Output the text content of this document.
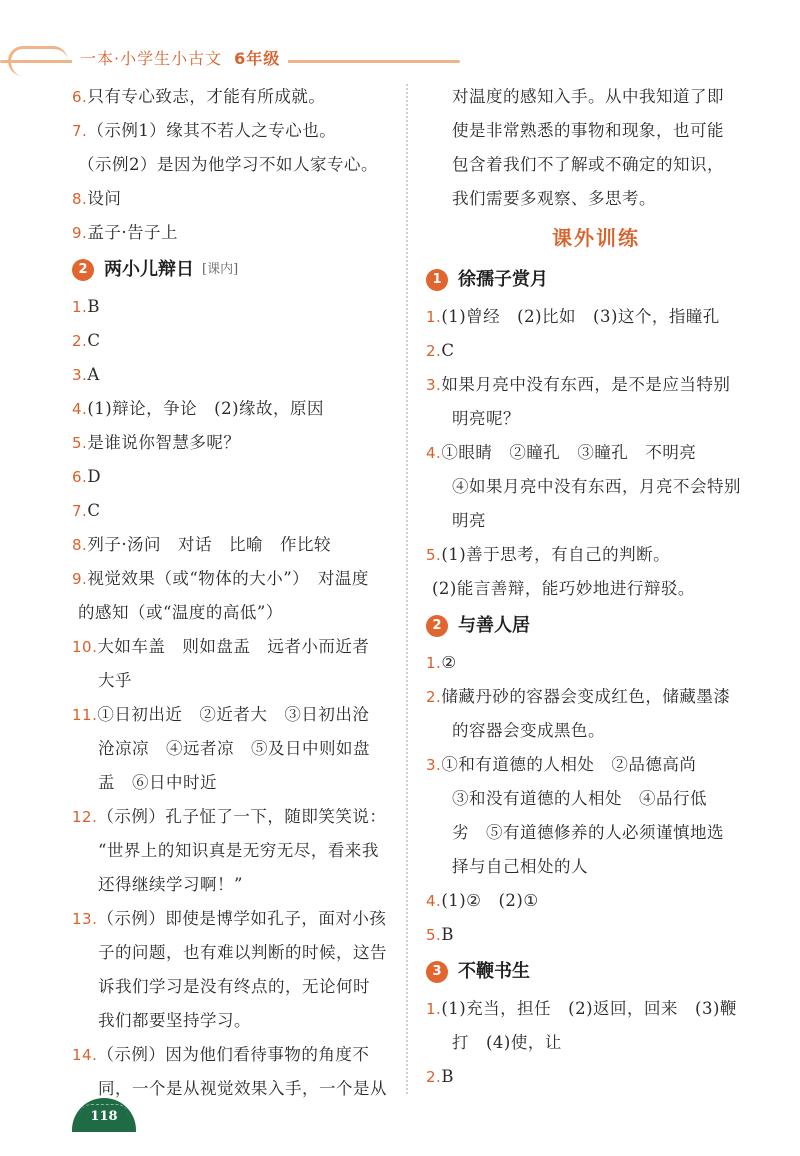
一本·小学生小古文 6年级
6.只有专心致志，才能有所成就。
7.（示例1）缘其不若人之专心也。
（示例2）是因为他学习不如人家专心。
8.设问
9.孟子·告子上
2 两小儿辩日 [课内]
1.B
2.C
3.A
4.(1)辩论，争论　(2)缘故，原因
5.是谁说你智慧多呢？
6.D
7.C
8.列子·汤问　对话　比喻　作比较
9.视觉效果（或“物体的大小”）　对温度
的感知（或“温度的高低”）
10.大如车盖　则如盘盂　远者小而近者
大乎
11.①日初出近　②近者大　③日初出沧
沧凉凉　④远者凉　⑤及日中则如盘
盂　⑥日中时近
12.（示例）孔子怔了一下，随即笑笑说：
“世界上的知识真是无穷无尽，看来我
还得继续学习啊！”
13.（示例）即使是博学如孔子，面对小孩
子的问题，也有难以判断的时候，这告
诉我们学习是没有终点的，无论何时
我们都要坚持学习。
14.（示例）因为他们看待事物的角度不
同，一个是从视觉效果入手，一个是从
对温度的感知入手。从中我知道了即
使是非常熟悉的事物和现象，也可能
包含着我们不了解或不确定的知识，
我们需要多观察、多思考。
课外训练
1 徐孺子赏月
1.(1)曾经　(2)比如　(3)这个，指瞳孔
2.C
3.如果月亮中没有东西，是不是应当特别
明亮呢？
4.①眼睛　②瞳孔　③瞳孔　不明亮
④如果月亮中没有东西，月亮不会特别
明亮
5.(1)善于思考，有自己的判断。
(2)能言善辩，能巧妙地进行辩驳。
2 与善人居
1.②
2.储藏丹砂的容器会变成红色，储藏墨漆
的容器会变成黑色。
3.①和有道德的人相处　②品德高尚
③和没有道德的人相处　④品行低
劣　⑤有道德修养的人必须谨慎地选
择与自己相处的人
4.(1)②　(2)①
5.B
3 不鞭书生
1.(1)充当，担任　(2)返回，回来　(3)鞭
打　(4)使，让
2.B
118
